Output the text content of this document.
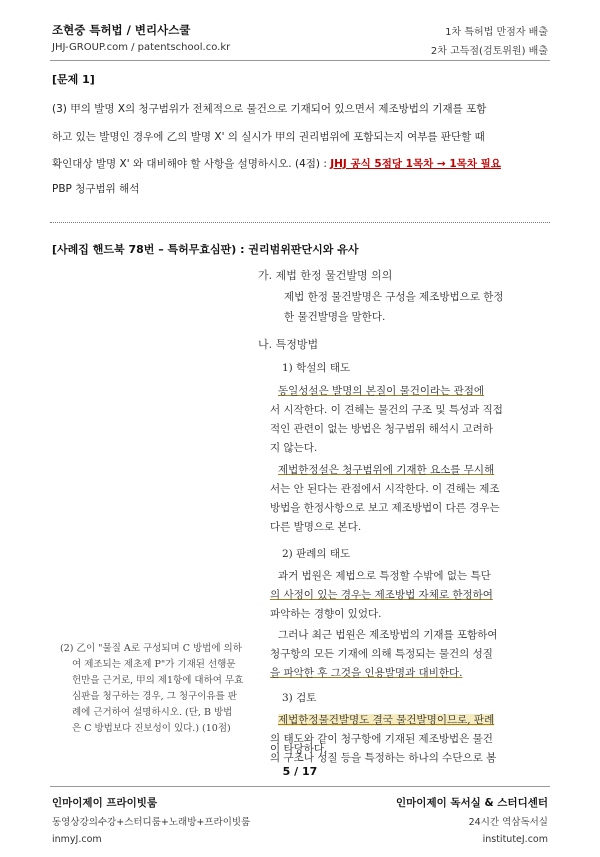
조현중 특허법 / 변리사스쿨
JHJ-GROUP.com / patentschool.co.kr
1차 특허법 만점자 배출
2차 고득점(검토위원) 배출
[문제 1]
(3) 甲의 발명 X의 청구범위가 전체적으로 물건으로 기재되어 있으면서 제조방법의 기재를 포함
하고 있는 발명인 경우에 乙의 발명 X' 의 실시가 甲의 권리범위에 포함되는지 여부를 판단할 때
확인대상 발명 X' 와 대비해야 할 사항을 설명하시오. (4점) : JHJ 공식 5점당 1목차 → 1목차 필요
PBP 청구범위 해석
[사례집 핸드북 78번 – 특허무효심판) : 권리범위판단시와 유사
가. 제법 한정 물건발명 의의
제법 한정 물건발명은 구성을 제조방법으로 한정
한 물건발명을 말한다.
나. 특정방법
1) 학설의 태도
동일성설은 발명의 본질이 물건이라는 관점에
서 시작한다. 이 견해는 물건의 구조 및 특성과 직접
적인 관련이 없는 방법은 청구범위 해석시 고려하
지 않는다.
제법한정설은 청구범위에 기재한 요소를 무시해
서는 안 된다는 관점에서 시작한다. 이 견해는 제조
방법을 한정사항으로 보고 제조방법이 다른 경우는
다른 발명으로 본다.
2) 판례의 태도
과거 법원은 제법으로 특정할 수밖에 없는 특단
의 사정이 있는 경우는 제조방법 자체로 한정하여
파악하는 경향이 있었다.
그러나 최근 법원은 제조방법의 기재를 포함하여
청구항의 모든 기재에 의해 특정되는 물건의 성질
을 파악한 후 그것을 인용발명과 대비한다.
3) 검토
제법한정물건발명도 결국 물건발명이므로, 판례
의 태도와 같이 청구항에 기재된 제조방법은 물건
의 구조나 성질 등을 특정하는 하나의 수단으로 봄
이 타당하다.
(2) 乙이 "물질 A로 구성되며 C 방법에 의하
여 제조되는 제초제 P"가 기재된 선행문
헌만을 근거로, 甲의 제1항에 대하여 무효
심판을 청구하는 경우, 그 청구이유를 판
례에 근거하여 설명하시오. (단, B 방법
은 C 방법보다 진보성이 있다.) (10점)
5 / 17
인마이제이 프라이빗룸
동영상강의수강+스터디룸+노래방+프라이빗룸
inmyJ.com
인마이제이 독서실 & 스터디센터
24시간 역삼독서실
instituteJ.com
